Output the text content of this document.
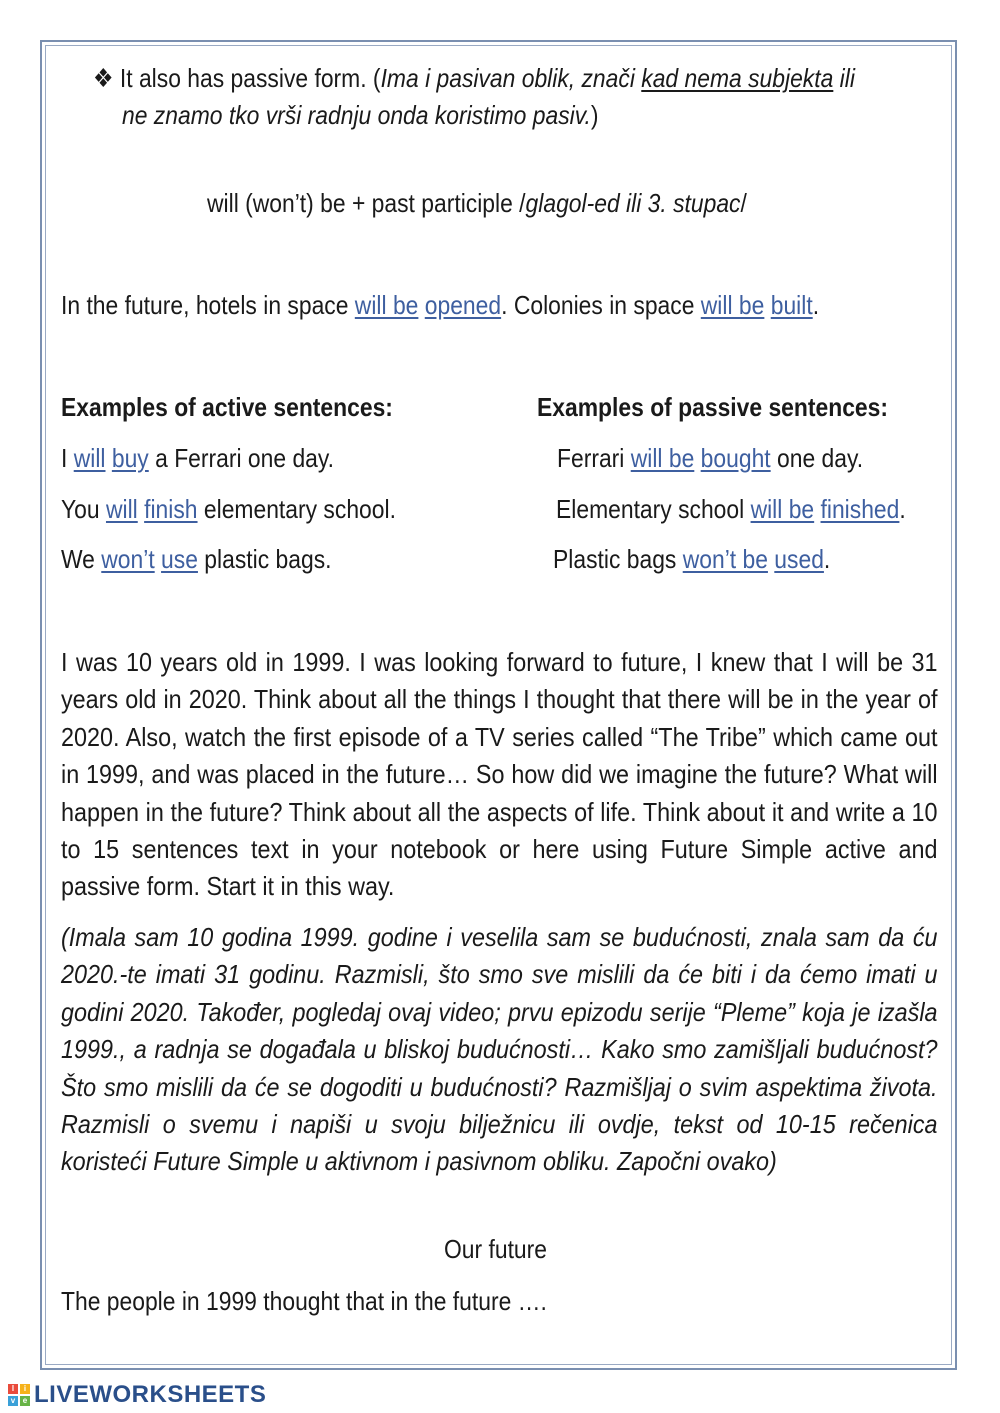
❖ It also has passive form. (Ima i pasivan oblik, znači kad nema subjekta ili
ne znamo tko vrši radnju onda koristimo pasiv.)
will (won’t) be + past participle /glagol-ed ili 3. stupac/
In the future, hotels in space will be opened. Colonies in space will be built.
Examples of active sentences:	Examples of passive sentences:
I will buy a Ferrari one day.
You will finish elementary school.
We won’t use plastic bags.
Ferrari will be bought one day.
Elementary school will be finished.
Plastic bags won’t be used.
I was 10 years old in 1999. I was looking forward to future, I knew that I will be 31 years old in 2020. Think about all the things I thought that there will be in the year of 2020. Also, watch the first episode of a TV series called “The Tribe” which came out in 1999, and was placed in the future… So how did we imagine the future? What will happen in the future? Think about all the aspects of life. Think about it and write a 10 to 15 sentences text in your notebook or here using Future Simple active and passive form. Start it in this way.
(Imala sam 10 godina 1999. godine i veselila sam se budućnosti, znala sam da ću 2020.-te imati 31 godinu. Razmisli, što smo sve mislili da će biti i da ćemo imati u godini 2020. Također, pogledaj ovaj video; prvu epizodu serije “Pleme” koja je izašla 1999., a radnja se događala u bliskoj budućnosti… Kako smo zamišljali budućnost? Što smo mislili da će se dogoditi u budućnosti? Razmišljaj o svim aspektima života. Razmisli o svemu i napiši u svoju bilježnicu ili ovdje, tekst od 10-15 rečenica koristeći Future Simple u aktivnom i pasivnom obliku. Započni ovako)
Our future
The people in 1999 thought that in the future ….
l	i
v e LIVEWORKSHEETS
